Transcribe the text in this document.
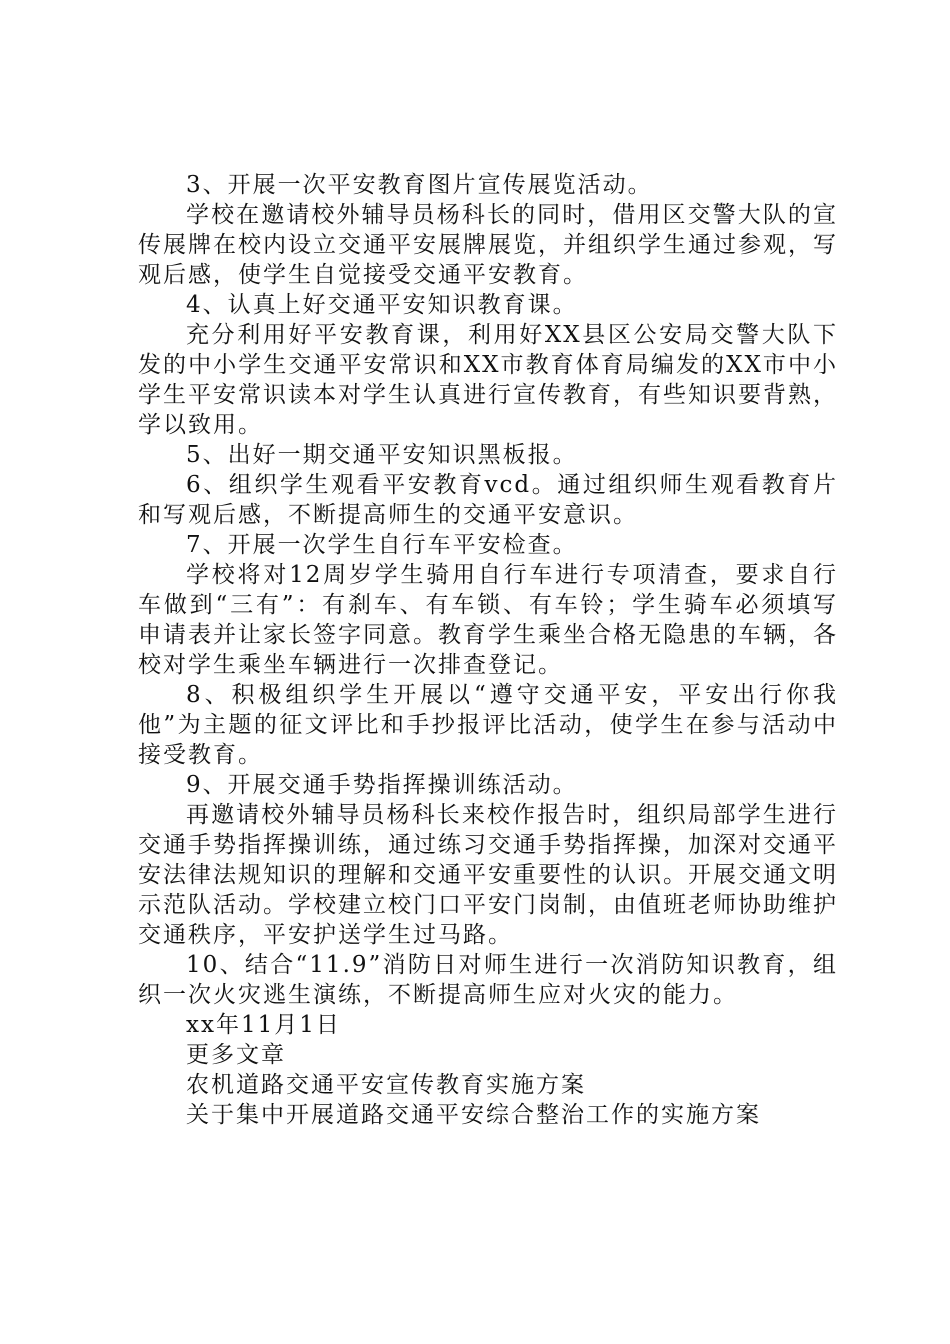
3、开展一次平安教育图片宣传展览活动。

学校在邀请校外辅导员杨科长的同时，借用区交警大队的宣传展牌在校内设立交通平安展牌展览，并组织学生通过参观，写观后感，使学生自觉接受交通平安教育。

4、认真上好交通平安知识教育课。

充分利用好平安教育课，利用好XX县区公安局交警大队下发的中小学生交通平安常识和XX市教育体育局编发的XX市中小学生平安常识读本对学生认真进行宣传教育，有些知识要背熟，学以致用。

5、出好一期交通平安知识黑板报。

6、组织学生观看平安教育vcd。通过组织师生观看教育片和写观后感，不断提高师生的交通平安意识。

7、开展一次学生自行车平安检查。

学校将对12周岁学生骑用自行车进行专项清查，要求自行车做到“三有”：有刹车、有车锁、有车铃；学生骑车必须填写申请表并让家长签字同意。教育学生乘坐合格无隐患的车辆，各校对学生乘坐车辆进行一次排查登记。

8、积极组织学生开展以“遵守交通平安，平安出行你我他”为主题的征文评比和手抄报评比活动，使学生在参与活动中接受教育。

9、开展交通手势指挥操训练活动。

再邀请校外辅导员杨科长来校作报告时，组织局部学生进行交通手势指挥操训练，通过练习交通手势指挥操，加深对交通平安法律法规知识的理解和交通平安重要性的认识。开展交通文明示范队活动。学校建立校门口平安门岗制，由值班老师协助维护交通秩序，平安护送学生过马路。

10、结合“11.9”消防日对师生进行一次消防知识教育，组织一次火灾逃生演练，不断提高师生应对火灾的能力。

xx年11月1日

更多文章

农机道路交通平安宣传教育实施方案

关于集中开展道路交通平安综合整治工作的实施方案
